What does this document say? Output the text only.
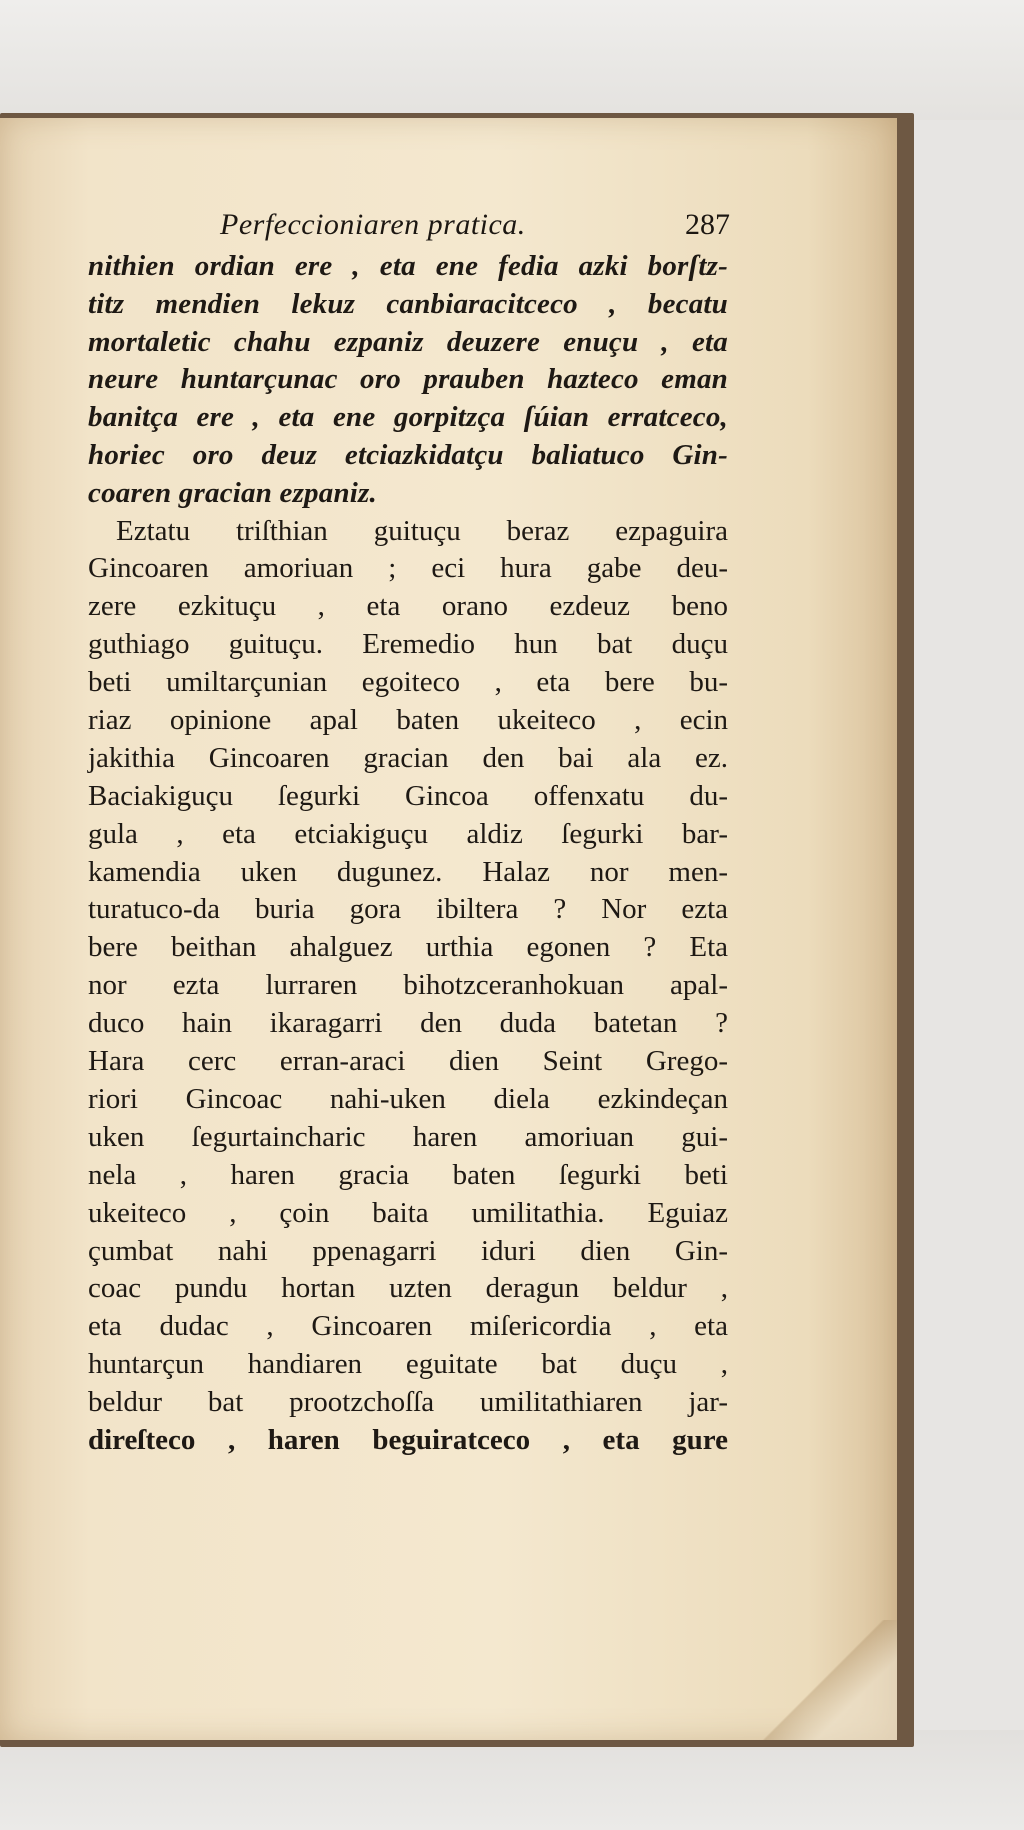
Perfeccioniaren pratica.	287
nithien ordian ere , eta ene fedia azki borſtz-
titz mendien lekuz canbiaracitceco , becatu
mortaletic chahu ezpaniz deuzere enuçu , eta
neure huntarçunac oro prauben hazteco eman
banitça ere , eta ene gorpitzça ſúian erratceco,
horiec oro deuz etciazkidatçu baliatuco Gin-
coaren gracian ezpaniz.
Eztatu triſthian guituçu beraz ezpaguira
Gincoaren amoriuan ; eci hura gabe deu-
zere ezkituçu , eta orano ezdeuz beno
guthiago guituçu. Eremedio hun bat duçu
beti umiltarçunian egoiteco , eta bere bu-
riaz opinione apal baten ukeiteco , ecin
jakithia Gincoaren gracian den bai ala ez.
Baciakiguçu ſegurki Gincoa offenxatu du-
gula , eta etciakiguçu aldiz ſegurki bar-
kamendia uken dugunez. Halaz nor men-
turatuco-da buria gora ibiltera ? Nor ezta
bere beithan ahalguez urthia egonen ? Eta
nor ezta lurraren bihotzceranhokuan apal-
duco hain ikaragarri den duda batetan ?
Hara cerc erran-araci dien Seint Grego-
riori Gincoac nahi-uken diela ezkindeçan
uken ſegurtaincharic haren amoriuan gui-
nela , haren gracia baten ſegurki beti
ukeiteco , çoin baita umilitathia. Eguiaz
çumbat nahi ppenagarri iduri dien Gin-
coac pundu hortan uzten deragun beldur ,
eta dudac , Gincoaren miſericordia , eta
huntarçun handiaren eguitate bat duçu ,
beldur bat prootzchoſſa umilitathiaren jar-
direſteco , haren beguiratceco , eta gure
